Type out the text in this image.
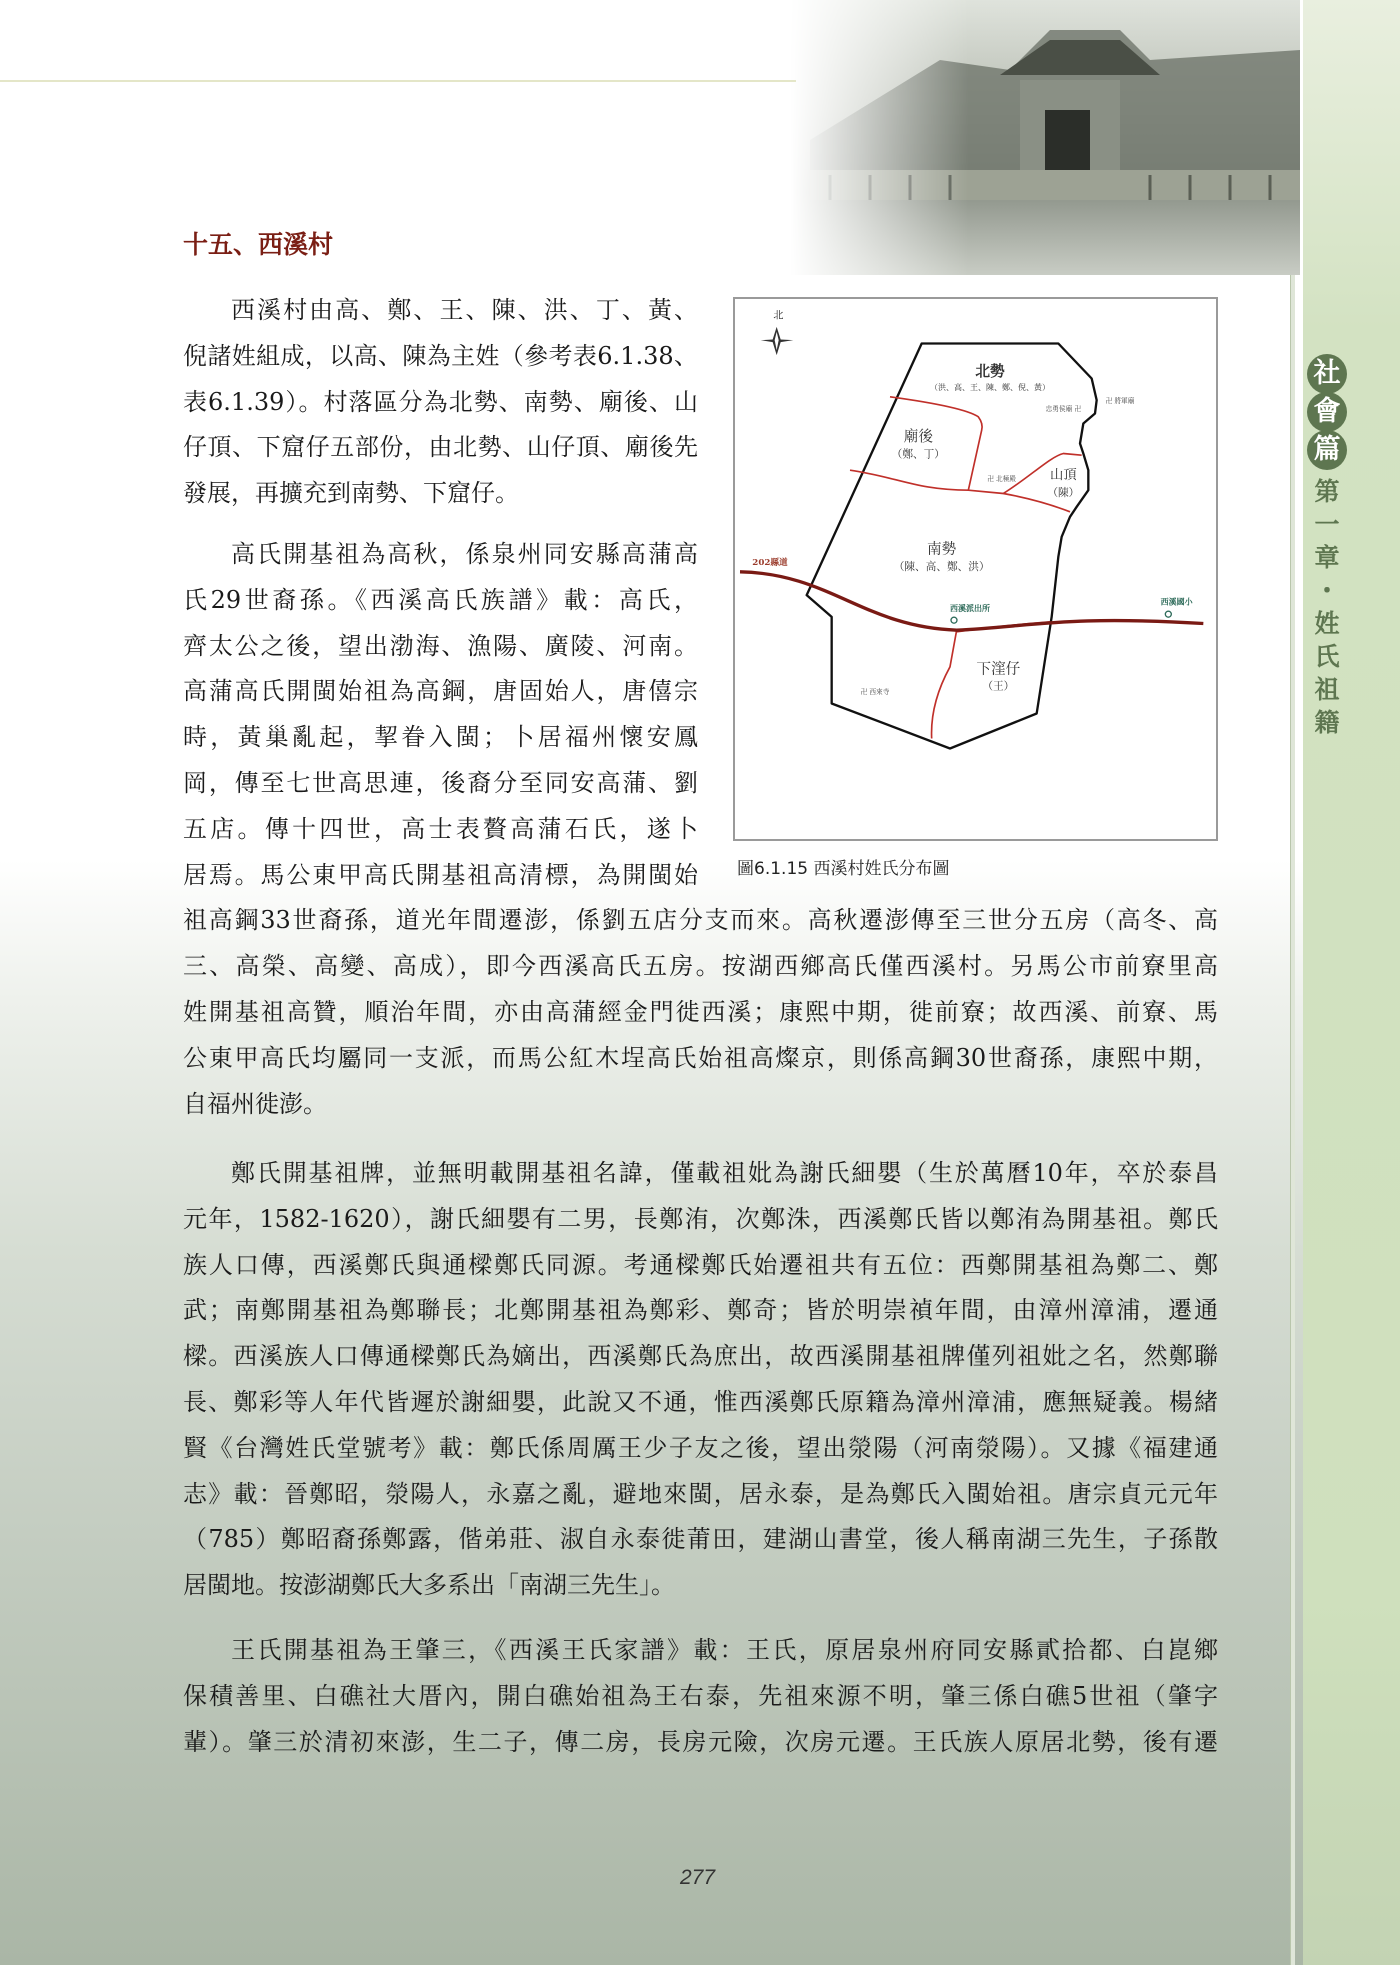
社
會
篇
第
一
章
・
姓
氏
祖
籍
十五、西溪村
西溪村由高、鄭、王、陳、洪、丁、黃、
倪諸姓組成，以高、陳為主姓（參考表6.1.38、
表6.1.39）。村落區分為北勢、南勢、廟後、山
仔頂、下窟仔五部份，由北勢、山仔頂、廟後先
發展，再擴充到南勢、下窟仔。
高氏開基祖為高秋，係泉州同安縣高蒲高
氏29世裔孫。《西溪高氏族譜》載：高氏，
齊太公之後，望出渤海、漁陽、廣陵、河南。
高蒲高氏開閩始祖為高鋼，唐固始人，唐僖宗
時，黃巢亂起，挈眷入閩；卜居福州懷安鳳
岡，傳至七世高思連，後裔分至同安高蒲、劉
五店。傳十四世，高士表贅高蒲石氏，遂卜
居焉。馬公東甲高氏開基祖高清標，為開閩始
祖高鋼33世裔孫，道光年間遷澎，係劉五店分支而來。高秋遷澎傳至三世分五房（高冬、高
三、高榮、高變、高成），即今西溪高氏五房。按湖西鄉高氏僅西溪村。另馬公市前寮里高
姓開基祖高贊，順治年間，亦由高蒲經金門徙西溪；康熙中期，徙前寮；故西溪、前寮、馬
公東甲高氏均屬同一支派，而馬公紅木埕高氏始祖高燦京，則係高鋼30世裔孫，康熙中期，
自福州徙澎。
鄭氏開基祖牌，並無明載開基祖名諱，僅載祖妣為謝氏細嬰（生於萬曆10年，卒於泰昌
元年，1582-1620），謝氏細嬰有二男，長鄭洧，次鄭洙，西溪鄭氏皆以鄭洧為開基祖。鄭氏
族人口傳，西溪鄭氏與通樑鄭氏同源。考通樑鄭氏始遷祖共有五位：西鄭開基祖為鄭二、鄭
武；南鄭開基祖為鄭聯長；北鄭開基祖為鄭彩、鄭奇；皆於明崇禎年間，由漳州漳浦，遷通
樑。西溪族人口傳通樑鄭氏為嫡出，西溪鄭氏為庶出，故西溪開基祖牌僅列祖妣之名，然鄭聯
長、鄭彩等人年代皆遲於謝細嬰，此說又不通，惟西溪鄭氏原籍為漳州漳浦，應無疑義。楊緒
賢《台灣姓氏堂號考》載：鄭氏係周厲王少子友之後，望出滎陽（河南滎陽）。又據《福建通
志》載：晉鄭昭，滎陽人，永嘉之亂，避地來閩，居永泰，是為鄭氏入閩始祖。唐宗貞元元年
（785）鄭昭裔孫鄭露，偕弟莊、淑自永泰徙莆田，建湖山書堂，後人稱南湖三先生，子孫散
居閩地。按澎湖鄭氏大多系出「南湖三先生」。
王氏開基祖為王肇三，《西溪王氏家譜》載：王氏，原居泉州府同安縣貳拾都、白崑鄉
保積善里、白礁社大厝內，開白礁始祖為王右泰，先祖來源不明，肇三係白礁5世祖（肇字
輩）。肇三於清初來澎，生二子，傳二房，長房元險，次房元遷。王氏族人原居北勢，後有遷
北
北勢
（洪、高、王、陳、鄭、倪、黃）
廟後
（鄭、丁）
山頂
（陳）
南勢
（陳、高、鄭、洪）
下漥仔
（王）
忠勇侯廟 卍
卍 將軍廟
卍 北極殿
卍 西來寺
202縣道
西溪派出所
西溪國小
圖6.1.15 西溪村姓氏分布圖
277
